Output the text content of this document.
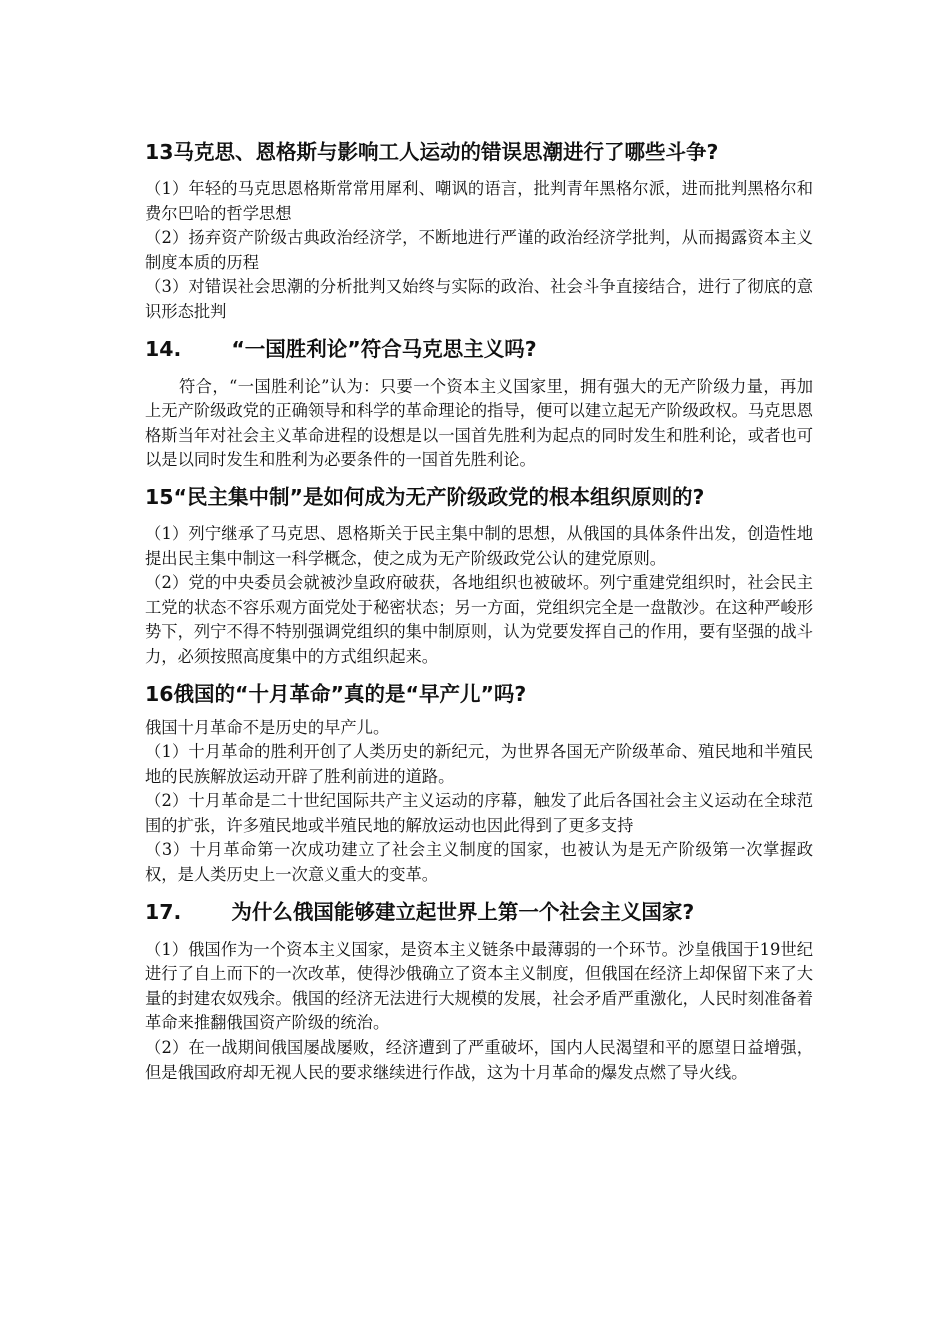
13马克思、恩格斯与影响工人运动的错误思潮进行了哪些斗争?

（1）年轻的马克思恩格斯常常用犀利、嘲讽的语言，批判青年黑格尔派，进而批判黑格尔和费尔巴哈的哲学思想

（2）扬弃资产阶级古典政治经济学，不断地进行严谨的政治经济学批判，从而揭露资本主义制度本质的历程

（3）对错误社会思潮的分析批判又始终与实际的政治、社会斗争直接结合，进行了彻底的意识形态批判

14. “一国胜利论”符合马克思主义吗?

符合，“一国胜利论”认为：只要一个资本主义国家里，拥有强大的无产阶级力量，再加上无产阶级政党的正确领导和科学的革命理论的指导，便可以建立起无产阶级政权。马克思恩格斯当年对社会主义革命进程的设想是以一国首先胜利为起点的同时发生和胜利论，或者也可以是以同时发生和胜利为必要条件的一国首先胜利论。

15“民主集中制”是如何成为无产阶级政党的根本组织原则的?

（1）列宁继承了马克思、恩格斯关于民主集中制的思想，从俄国的具体条件出发，创造性地提出民主集中制这一科学概念，使之成为无产阶级政党公认的建党原则。

（2）党的中央委员会就被沙皇政府破获，各地组织也被破坏。列宁重建党组织时，社会民主工党的状态不容乐观方面党处于秘密状态；另一方面，党组织完全是一盘散沙。在这种严峻形势下，列宁不得不特别强调党组织的集中制原则，认为党要发挥自己的作用，要有坚强的战斗力，必须按照高度集中的方式组织起来。

16俄国的“十月革命”真的是“早产儿”吗?

俄国十月革命不是历史的早产儿。

（1）十月革命的胜利开创了人类历史的新纪元，为世界各国无产阶级革命、殖民地和半殖民地的民族解放运动开辟了胜利前进的道路。

（2）十月革命是二十世纪国际共产主义运动的序幕，触发了此后各国社会主义运动在全球范围的扩张，许多殖民地或半殖民地的解放运动也因此得到了更多支持

（3）十月革命第一次成功建立了社会主义制度的国家，也被认为是无产阶级第一次掌握政权，是人类历史上一次意义重大的变革。

17. 为什么俄国能够建立起世界上第一个社会主义国家?

（1）俄国作为一个资本主义国家，是资本主义链条中最薄弱的一个环节。沙皇俄国于19世纪进行了自上而下的一次改革，使得沙俄确立了资本主义制度，但俄国在经济上却保留下来了大量的封建农奴残余。俄国的经济无法进行大规模的发展，社会矛盾严重激化，人民时刻准备着革命来推翻俄国资产阶级的统治。

（2）在一战期间俄国屡战屡败，经济遭到了严重破坏，国内人民渴望和平的愿望日益增强，但是俄国政府却无视人民的要求继续进行作战，这为十月革命的爆发点燃了导火线。
